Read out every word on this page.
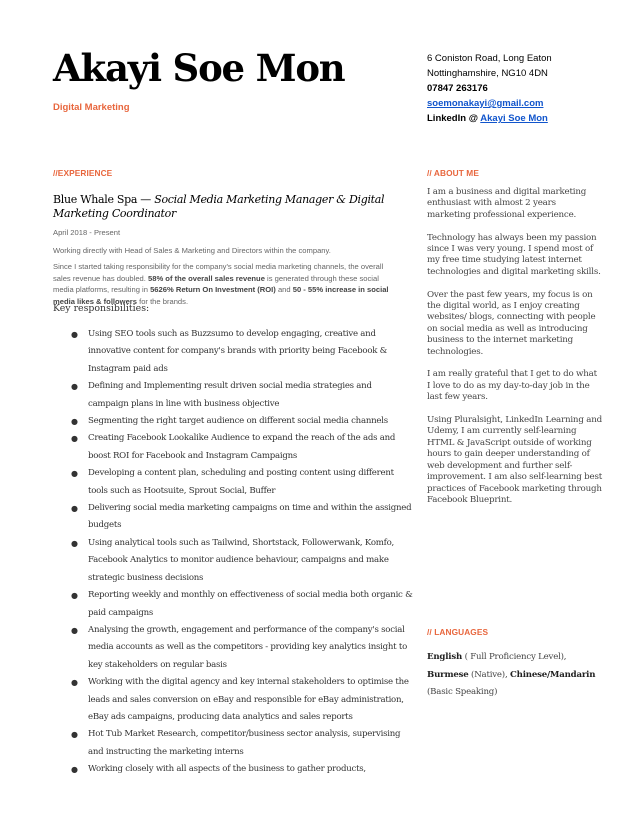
Akayi Soe Mon
Digital Marketing
6 Coniston Road, Long Eaton
Nottinghamshire, NG10 4DN
07847 263176
soemonakayi@gmail.com
LinkedIn @ Akayi Soe Mon
//EXPERIENCE
Blue Whale Spa — Social Media Marketing Manager & Digital Marketing Coordinator
April 2018 - Present
Working directly with Head of Sales & Marketing and Directors within the company.
Since I started taking responsibility for the company's social media marketing channels, the overall sales revenue has doubled. 58% of the overall sales revenue is generated through these social media platforms, resulting in 5626% Return On Investment (ROI) and 50 - 55% increase in social media likes & followers for the brands.
Key responsibilities:
● Using SEO tools such as Buzzsumo to develop engaging, creative and innovative content for company's brands with priority being Facebook & Instagram paid ads
● Defining and Implementing result driven social media strategies and campaign plans in line with business objective
● Segmenting the right target audience on different social media channels
● Creating Facebook Lookalike Audience to expand the reach of the ads and boost ROI for Facebook and Instagram Campaigns
● Developing a content plan, scheduling and posting content using different tools such as Hootsuite, Sprout Social, Buffer
● Delivering social media marketing campaigns on time and within the assigned budgets
● Using analytical tools such as Tailwind, Shortstack, Followerwank, Komfo, Facebook Analytics to monitor audience behaviour, campaigns and make strategic business decisions
● Reporting weekly and monthly on effectiveness of social media both organic & paid campaigns
● Analysing the growth, engagement and performance of the company's social media accounts as well as the competitors - providing key analytics insight to key stakeholders on regular basis
● Working with the digital agency and key internal stakeholders to optimise the leads and sales conversion on eBay and responsible for eBay administration, eBay ads campaigns, producing data analytics and sales reports
● Hot Tub Market Research, competitor/business sector analysis, supervising and instructing the marketing interns
● Working closely with all aspects of the business to gather products,
// ABOUT ME

I am a business and digital marketing enthusiast with almost 2 years marketing professional experience.

Technology has always been my passion since I was very young. I spend most of my free time studying latest internet technologies and digital marketing skills.

Over the past few years, my focus is on the digital world, as I enjoy creating websites/ blogs, connecting with people on social media as well as introducing business to the internet marketing technologies.

I am really grateful that I get to do what I love to do as my day-to-day job in the last few years.

Using Pluralsight, LinkedIn Learning and Udemy, I am currently self-learning HTML & JavaScript outside of working hours to gain deeper understanding of web development and further self-improvement. I am also self-learning best practices of Facebook marketing through Facebook Blueprint.

// LANGUAGES
English ( Full Proficiency Level), Burmese (Native), Chinese/Mandarin (Basic Speaking)
